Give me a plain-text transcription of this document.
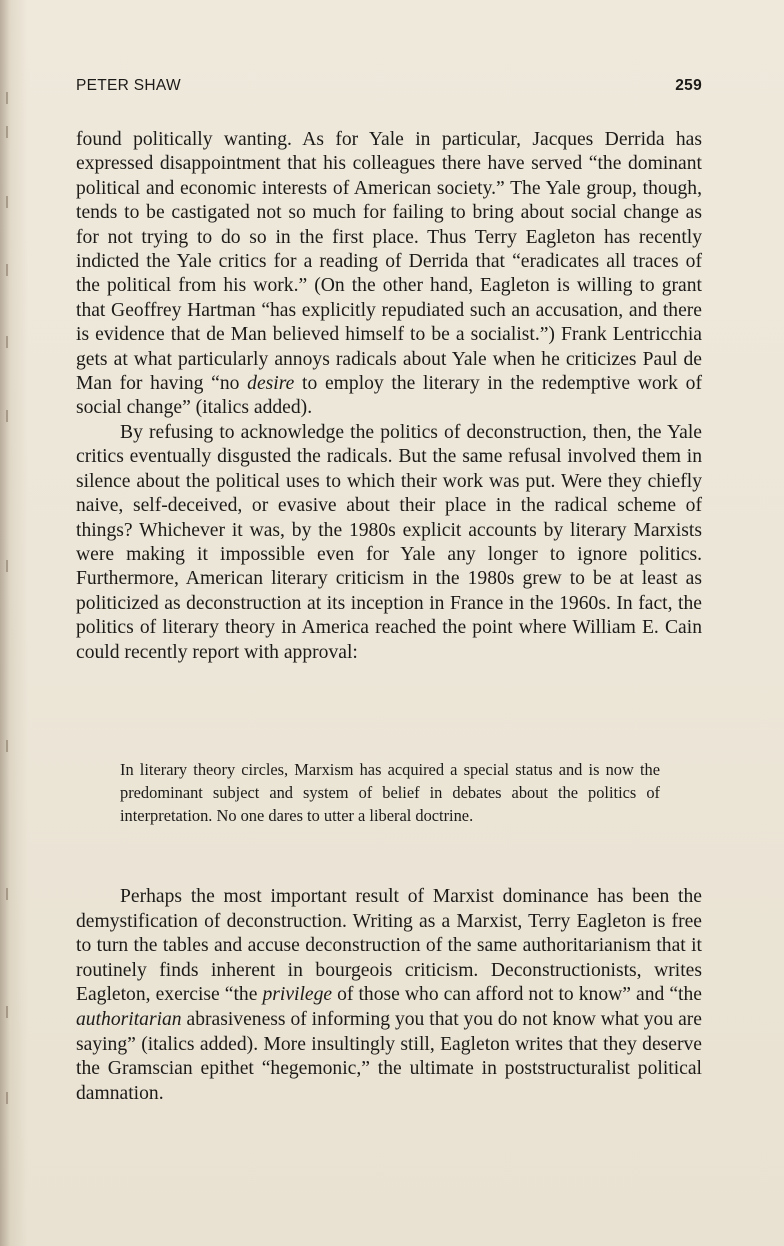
PETER SHAW	259

found politically wanting. As for Yale in particular, Jacques Derrida has expressed disappointment that his colleagues there have served “the dominant political and economic interests of American society.” The Yale group, though, tends to be castigated not so much for failing to bring about social change as for not trying to do so in the first place. Thus Terry Eagleton has recently indicted the Yale critics for a reading of Derrida that “eradicates all traces of the political from his work.” (On the other hand, Eagleton is willing to grant that Geoffrey Hartman “has explicitly repudiated such an accusation, and there is evidence that de Man believed himself to be a socialist.”) Frank Lentricchia gets at what particularly annoys radicals about Yale when he criticizes Paul de Man for having “no desire to employ the literary in the redemptive work of social change” (italics added).

By refusing to acknowledge the politics of deconstruction, then, the Yale critics eventually disgusted the radicals. But the same refusal involved them in silence about the political uses to which their work was put. Were they chiefly naive, self-deceived, or evasive about their place in the radical scheme of things? Whichever it was, by the 1980s explicit accounts by literary Marxists were making it impossible even for Yale any longer to ignore politics. Furthermore, American literary criticism in the 1980s grew to be at least as politicized as deconstruction at its inception in France in the 1960s. In fact, the politics of literary theory in America reached the point where William E. Cain could recently report with approval:

In literary theory circles, Marxism has acquired a special status and is now the predominant subject and system of belief in debates about the politics of interpretation. No one dares to utter a liberal doctrine.

Perhaps the most important result of Marxist dominance has been the demystification of deconstruction. Writing as a Marxist, Terry Eagleton is free to turn the tables and accuse deconstruction of the same authoritarianism that it routinely finds inherent in bourgeois criticism. Deconstructionists, writes Eagleton, exercise “the privilege of those who can afford not to know” and “the authoritarian abrasiveness of informing you that you do not know what you are saying” (italics added). More insultingly still, Eagleton writes that they deserve the Gramscian epithet “hegemonic,” the ultimate in poststructuralist political damnation.
